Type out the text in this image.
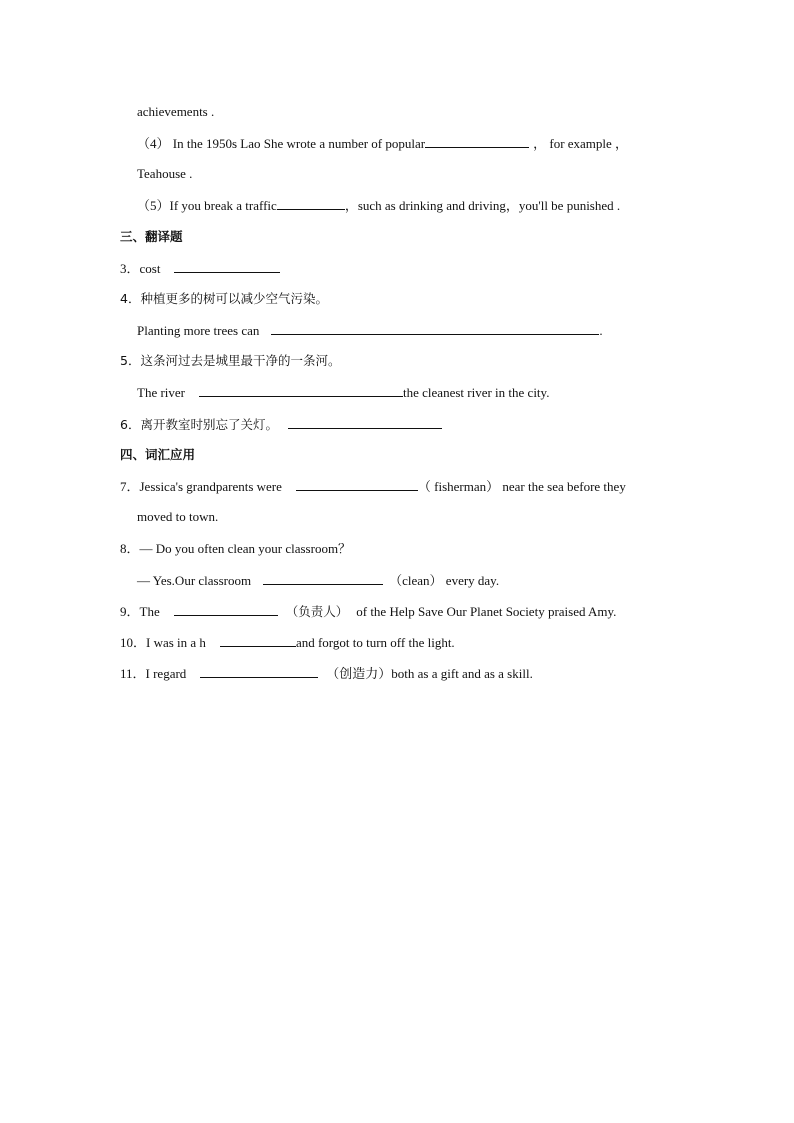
achievements .
（4） In the 1950s Lao She wrote a number of popular	， for example ，
Teahouse .
（5）If you break a traffic	，such as drinking and driving，you'll be punished .
三、翻译题
3．cost
4．种植更多的树可以减少空气污染。
Planting more trees can	.
5．这条河过去是城里最干净的一条河。
The river	the cleanest river in the city.
6．离开教室时别忘了关灯。
四、词汇应用
7．Jessica's grandparents were	（ fisherman） near the sea before they
moved to town.
8．— Do you often clean your classroom？
— Yes.Our classroom	（clean） every day.
9．The	（负责人） of the Help Save Our Planet Society praised Amy.
10．I was in a h	and forgot to turn off the light.
11．I regard	（创造力）both as a gift and as a skill.
